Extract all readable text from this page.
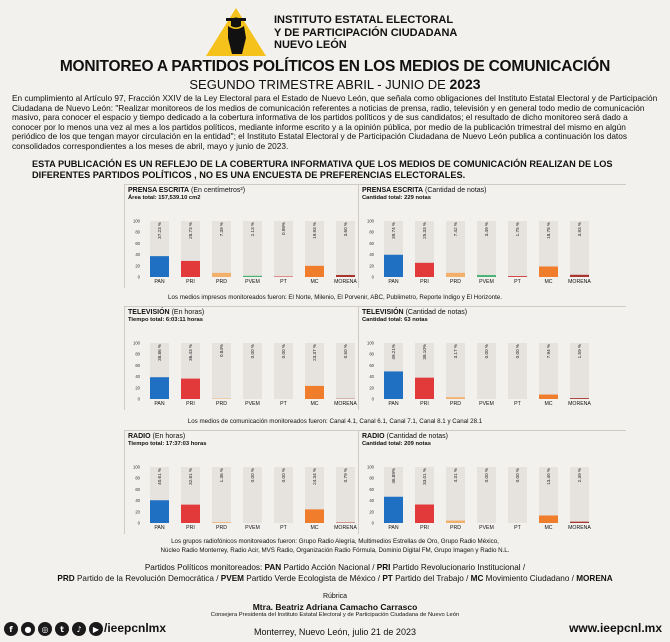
INSTITUTO ESTATAL ELECTORAL
Y DE PARTICIPACIÓN CIUDADANA
NUEVO LEÓN
MONITOREO A PARTIDOS POLÍTICOS EN LOS MEDIOS DE COMUNICACIÓN
SEGUNDO TRIMESTRE ABRIL - JUNIO DE 2023
En cumplimiento al Artículo 97, Fracción XXIV de la Ley Electoral para el Estado de Nuevo León, que señala como obligaciones del Instituto Estatal Electoral y de Participación Ciudadana de Nuevo León: "Realizar monitoreos de los medios de comunicación referentes a noticias de prensa, radio, televisión y en general todo medio de comunicación masivo, para conocer el espacio y tiempo dedicado a la cobertura informativa de los partidos políticos y de sus candidatos; el resultado de dicho monitoreo será dado a conocer por lo menos una vez al mes a los partidos políticos, mediante informe escrito y a la opinión pública, por medio de la publicación trimestral del mismo en algún periódico de los que tengan mayor circulación en la entidad"; el Instituto Estatal Electoral y de Participación Ciudadana de Nuevo León publica a continuación los datos consolidados correspondientes a los meses de abril, mayo y junio de 2023.
ESTA PUBLICACIÓN ES UN REFLEJO DE LA COBERTURA INFORMATIVA QUE LOS MEDIOS DE COMUNICACIÓN REALIZAN DE LOS DIFERENTES PARTIDOS POLÍTICOS , NO ES UNA ENCUESTA DE PREFERENCIAS ELECTORALES.
PRENSA ESCRITA (En centímetros²)
Área total: 157,539.10 cm2
0
20
40
60
80
100
37.23 %
PAN
28.73 %
PRI
7.39 %
PRD
2.13 %
PVEM
0.98%
PT
19.93 %
MC
3.60 %
MORENA
PRENSA ESCRITA (Cantidad de notas)
Cantidad total: 229 notas
0
20
40
60
80
100
39.74 %
PAN
25.33 %
PRI
7.42 %
PRD
3.49 %
PVEM
1.75 %
PT
18.78 %
MC
3.93 %
MORENA
Los medios impresos monitoreados fueron: El Norte, Milenio, El Porvenir, ABC, Publimetro, Reporte Indigo y El Horizonte.
TELEVISIÓN (En horas)
Tiempo total: 6:03:11 horas
0
20
40
60
80
100
38.86 %
PAN
36.43 %
PRI
0.84%
PRD
0.00 %
PVEM
0.00 %
PT
23.37 %
MC
0.50 %
MORENA
TELEVISIÓN (Cantidad de notas)
Cantidad total: 63 notas
0
20
40
60
80
100
49.21%
PAN
38.10%
PRI
3.17 %
PRD
0.00 %
PVEM
0.00 %
PT
7.94 %
MC
1.59 %
MORENA
Los medios de comunicación monitoreados fueron: Canal 4.1, Canal 6.1, Canal 7.1, Canal 8.1 y Canal 28.1
RADIO (En horas)
Tiempo total: 17:37:03 horas
0
20
40
60
80
100
40.61 %
PAN
32.81 %
PRI
1.36 %
PRD
0.00 %
PVEM
0.00 %
PT
24.34 %
MC
0.79 %
MORENA
RADIO (Cantidad de notas)
Cantidad total: 209 notas
0
20
40
60
80
100
46.89%
PAN
33.01 %
PRI
4.31 %
PRD
0.00 %
PVEM
0.00 %
PT
13.40 %
MC
2.39 %
MORENA
Los grupos radiofónicos monitoreados fueron: Grupo Radio Alegría, Multimedios Estrellas de Oro, Grupo Radio México,
Núcleo Radio Monterrey, Radio Acir, MVS Radio, Organización Radio Fórmula, Dominio Digital FM, Grupo Imagen y Radio N.L.
Partidos Políticos monitoreados: PAN Partido Acción Nacional / PRI Partido Revolucionario Institucional /
PRD Partido de la Revolución Democrática / PVEM Partido Verde Ecologista de México / PT Partido del Trabajo / MC Movimiento Ciudadano / MORENA
Rúbrica
Mtra. Beatriz Adriana Camacho Carrasco
Consejera Presidenta del Instituto Estatal Electoral y de Participación Ciudadana de Nuevo León
f	●	◎	t	♪	▶ /ieepcnlmx	Monterrey, Nuevo León, julio 21 de 2023	www.ieepcnl.mx
